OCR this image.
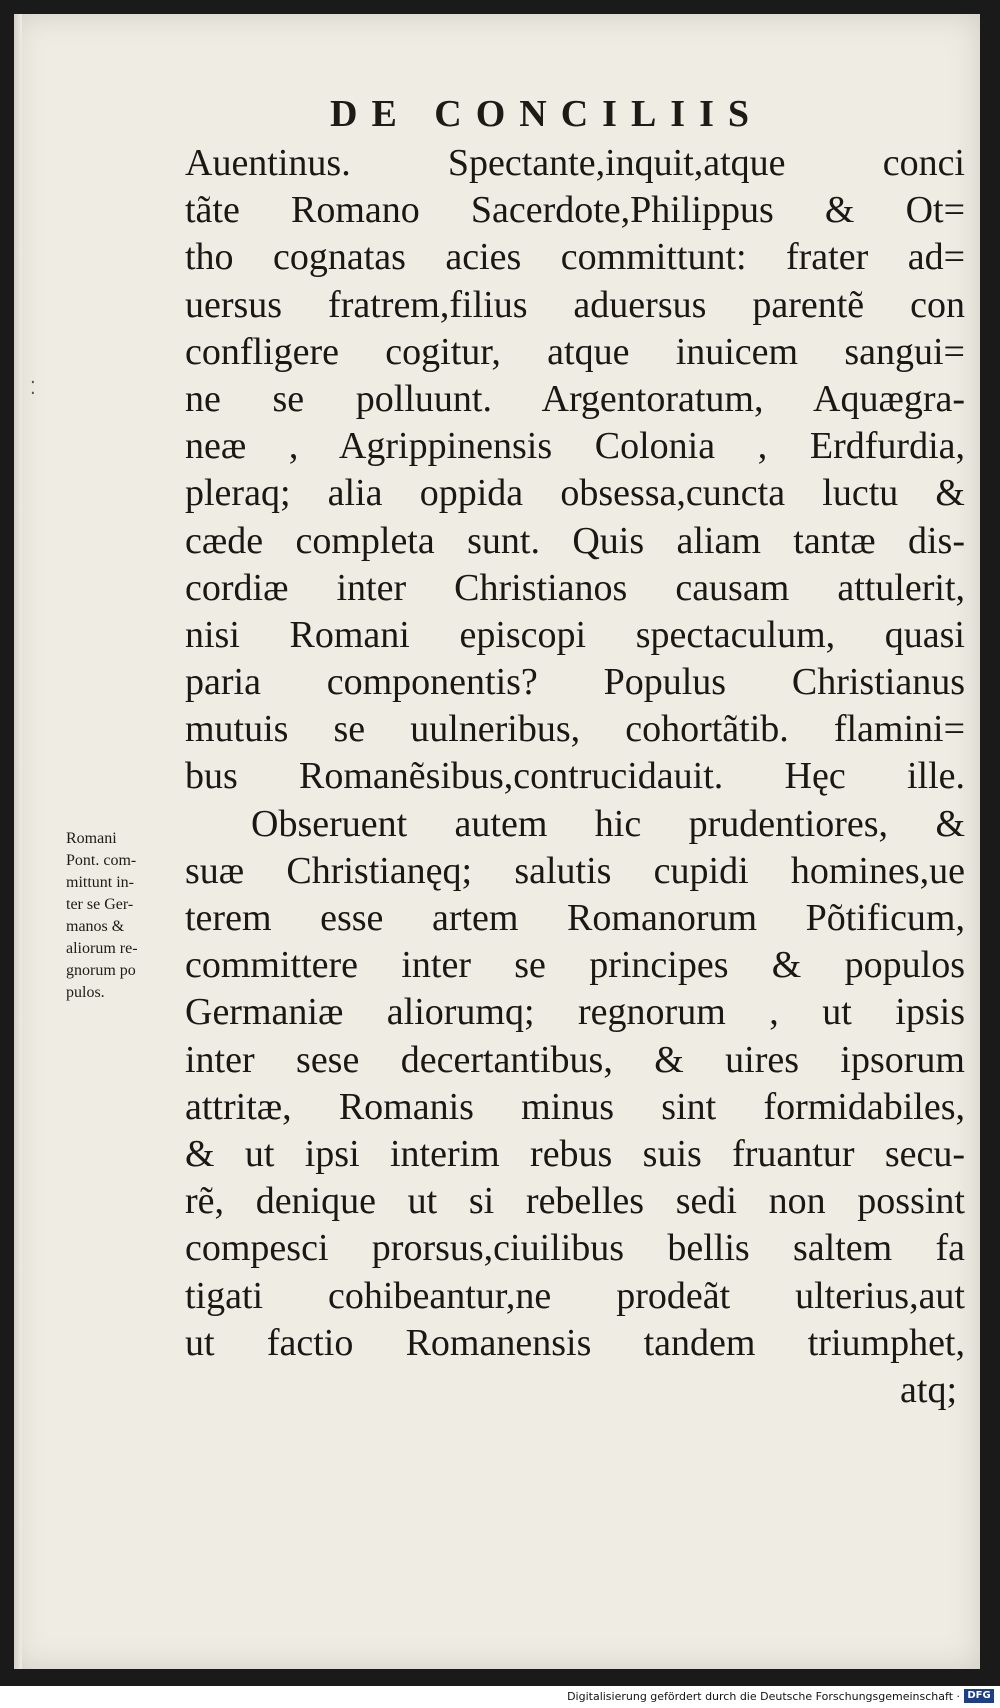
DE CONCILIIS
⁚
Romani
Pont. com-
mittunt in-
ter se Ger-
manos &
aliorum re-
gnorum po
pulos.
Auentinus. Spectante,inquit,atque conci
tãte Romano Sacerdote,Philippus & Ot=
tho cognatas acies committunt: frater ad=
uersus fratrem,filius aduersus parentẽ con
confligere cogitur, atque inuicem sangui=
ne se polluunt. Argentoratum, Aquægra-
neæ , Agrippinensis Colonia , Erdfurdia,
pleraq; alia oppida obsessa,cuncta luctu &
cæde completa sunt. Quis aliam tantæ dis-
cordiæ inter Christianos causam attulerit,
nisi Romani episcopi spectaculum, quasi
paria componentis? Populus Christianus
mutuis se uulneribus, cohortãtib. flamini=
bus Romanẽsibus,contrucidauit. Hęc ille.
Obseruent autem hic prudentiores, &
suæ Christianęq; salutis cupidi homines,ue
terem esse artem Romanorum Põtificum,
committere inter se principes & populos
Germaniæ aliorumq; regnorum , ut ipsis
inter sese decertantibus, & uires ipsorum
attritæ, Romanis minus sint formidabiles,
& ut ipsi interim rebus suis fruantur secu-
rẽ, denique ut si rebelles sedi non possint
compesci prorsus,ciuilibus bellis saltem fa
tigati cohibeantur,ne prodeãt ulterius,aut
ut factio Romanensis tandem triumphet,
atq;
Digitalisierung gefördert durch die Deutsche Forschungsgemeinschaft · DFG
